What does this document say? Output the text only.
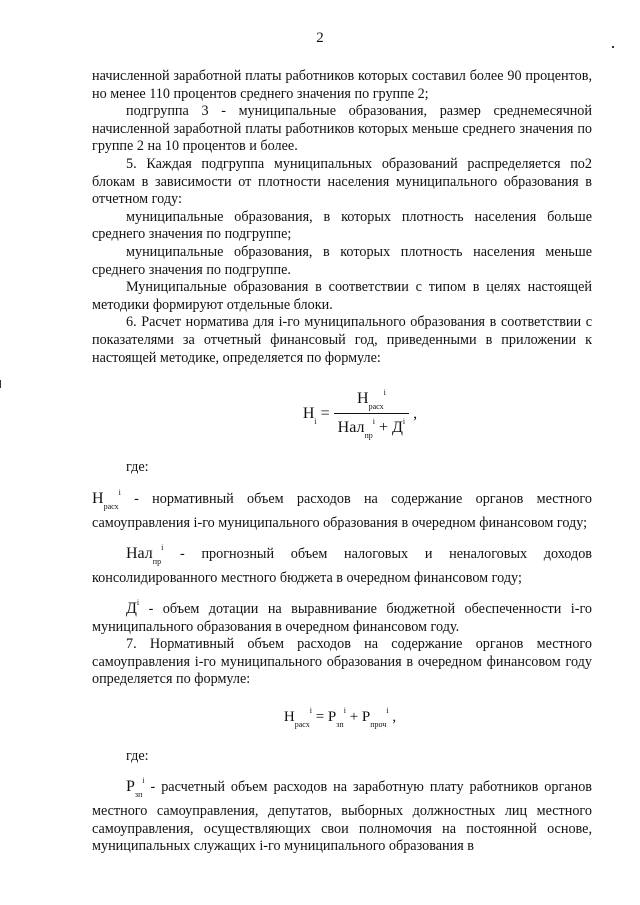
2

начисленной заработной платы работников которых составил более 90 процентов, но менее 110 процентов среднего значения по группе 2;

подгруппа 3 - муниципальные образования, размер среднемесячной начисленной заработной платы работников которых меньше среднего значения по группе 2 на 10 процентов и более.

5. Каждая подгруппа муниципальных образований распределяется по2 блокам в зависимости от плотности населения муниципального образования в отчетном году:

муниципальные образования, в которых плотность населения больше среднего значения по подгруппе;

муниципальные образования, в которых плотность населения меньше среднего значения по подгруппе.

Муниципальные образования в соответствии с типом в целях настоящей методики формируют отдельные блоки.

6. Расчет норматива для i-го муниципального образования в соответствии с показателями за отчетный финансовый год, приведенными в приложении к настоящей методике, определяется по формуле:

$Н_i = \frac{Н_{расх}^i}{Нал_{пр}^i + Д^i}$ ,

где:

$Н_{расх}^i$ - нормативный объем расходов на содержание органов местного самоуправления i-го муниципального образования в очередном финансовом году;

Нал$_{пр}^i$ - прогнозный объем налоговых и неналоговых доходов консолидированного местного бюджета в очередном финансовом году;

$Д^i$ - объем дотации на выравнивание бюджетной обеспеченности i-го муниципального образования в очередном финансовом году.

7. Нормативный объем расходов на содержание органов местного самоуправления i-го муниципального образования в очередном финансовом году определяется по формуле:

$Н_{расх}^i = Р_{зп}^i + Р_{проч}^i$ ,

где:

$Р_{зп}^i$ - расчетный объем расходов на заработную плату работников органов местного самоуправления, депутатов, выборных должностных лиц местного самоуправления, осуществляющих свои полномочия на постоянной основе, муниципальных служащих i-го муниципального образования в
